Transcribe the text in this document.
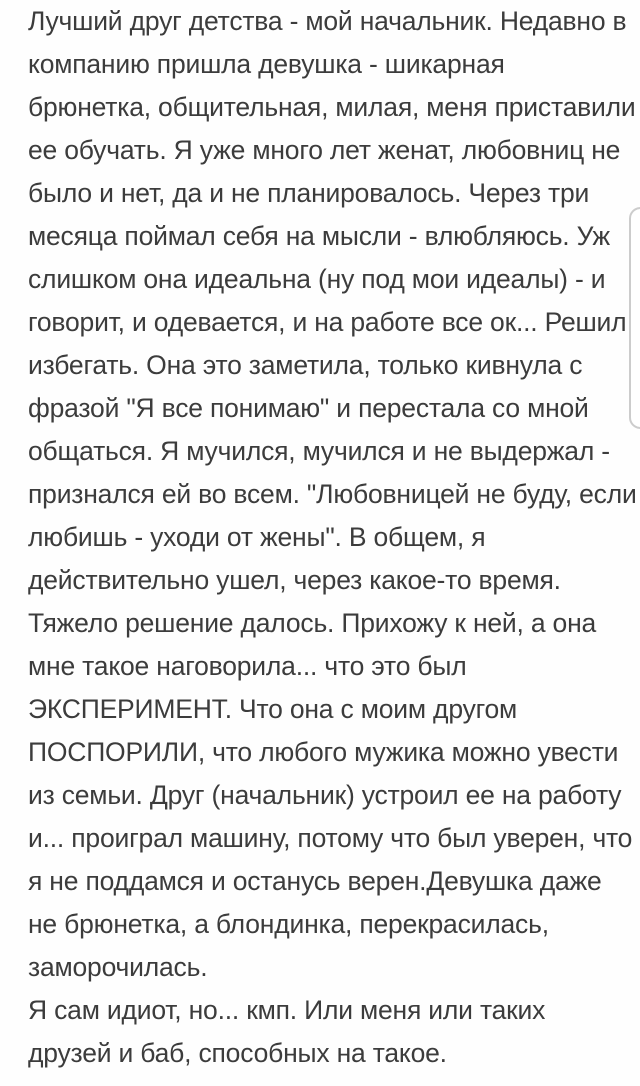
Лучший друг детства - мой начальник. Недавно в
компанию пришла девушка - шикарная
брюнетка, общительная, милая, меня приставили
ее обучать. Я уже много лет женат, любовниц не
было и нет, да и не планировалось. Через три
месяца поймал себя на мысли - влюбляюсь. Уж
слишком она идеальна (ну под мои идеалы) - и
говорит, и одевается, и на работе все ок... Решил
избегать. Она это заметила, только кивнула с
фразой "Я все понимаю" и перестала со мной
общаться. Я мучился, мучился и не выдержал -
признался ей во всем. "Любовницей не буду, если
любишь - уходи от жены". В общем, я
действительно ушел, через какое-то время.
Тяжело решение далось. Прихожу к ней, а она
мне такое наговорила... что это был
ЭКСПЕРИМЕНТ. Что она с моим другом
ПОСПОРИЛИ, что любого мужика можно увести
из семьи. Друг (начальник) устроил ее на работу
и... проиграл машину, потому что был уверен, что
я не поддамся и останусь верен.Девушка даже
не брюнетка, а блондинка, перекрасилась,
заморочилась.
Я сам идиот, но... кмп. Или меня или таких
друзей и баб, способных на такое.
